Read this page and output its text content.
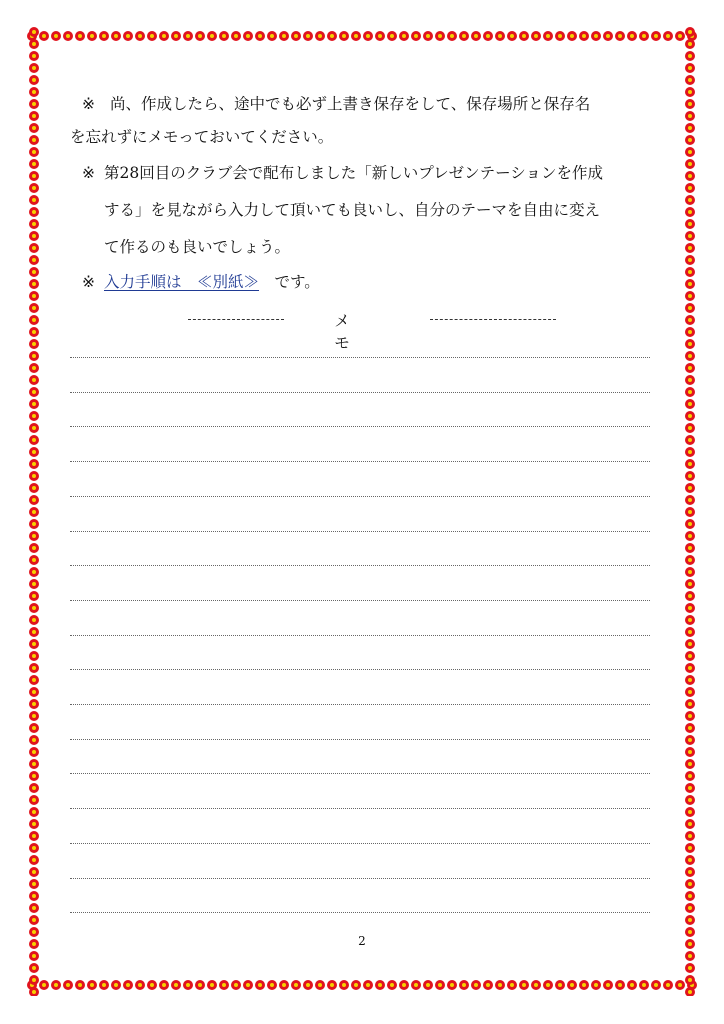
※ 尚、作成したら、途中でも必ず上書き保存をして、保存場所と保存名
を忘れずにメモっておいてください。
※ 第28回目のクラブ会で配布しました「新しいプレゼンテーションを作成
する」を見ながら入力して頂いても良いし、自分のテーマを自由に変え
て作るのも良いでしょう。
※ 入力手順は　≪別紙≫　です。
メモ
2
